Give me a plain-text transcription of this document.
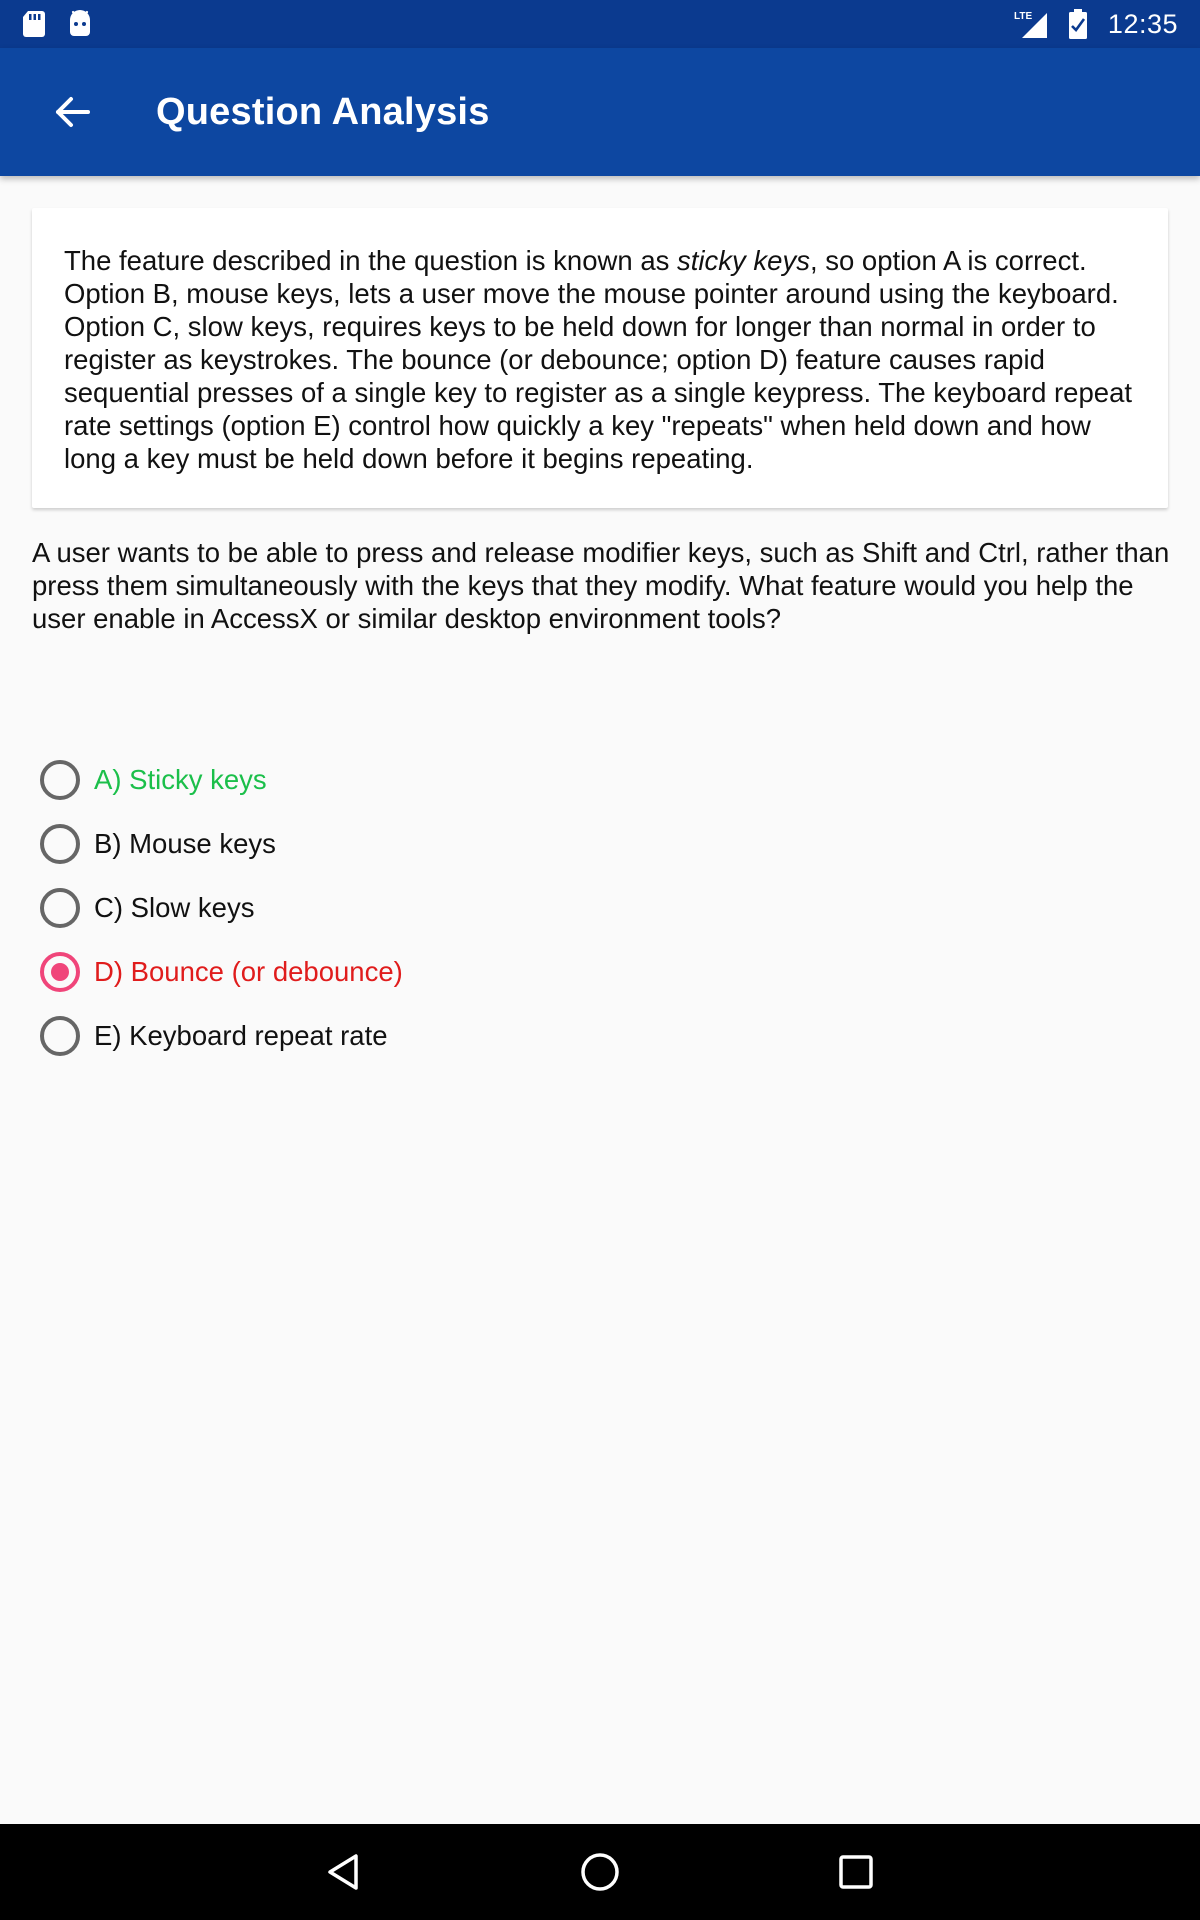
LTE	12:35
Question Analysis

The feature described in the question is known as sticky keys, so option A is correct. Option B, mouse keys, lets a user move the mouse pointer around using the keyboard. Option C, slow keys, requires keys to be held down for longer than normal in order to register as keystrokes. The bounce (or debounce; option D) feature causes rapid sequential presses of a single key to register as a single keypress. The keyboard repeat rate settings (option E) control how quickly a key "repeats" when held down and how long a key must be held down before it begins repeating.

A user wants to be able to press and release modifier keys, such as Shift and Ctrl, rather than press them simultaneously with the keys that they modify. What feature would you help the user enable in AccessX or similar desktop environment tools?

A) Sticky keys
B) Mouse keys
C) Slow keys
D) Bounce (or debounce)
E) Keyboard repeat rate
